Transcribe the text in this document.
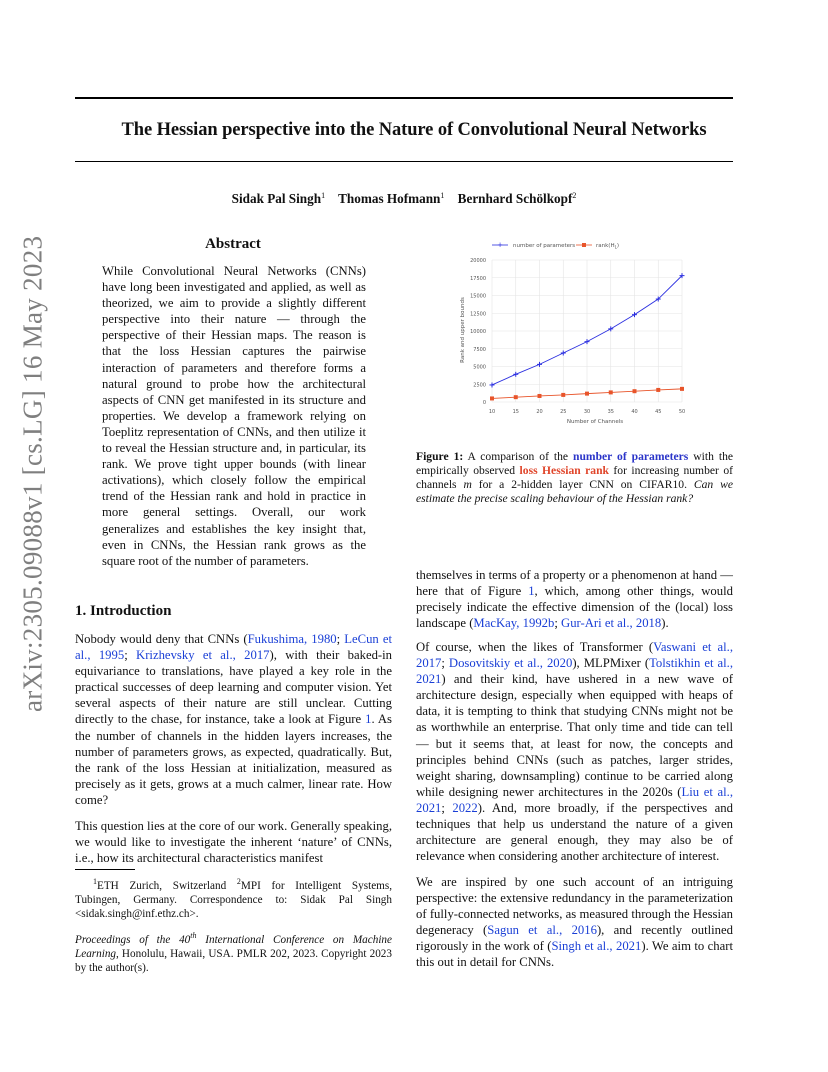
The Hessian perspective into the Nature of Convolutional Neural Networks
Sidak Pal Singh$^1$ Thomas Hofmann$^1$ Bernhard Schölkopf$^2$
arXiv:2305.09088v1 [cs.LG] 16 May 2023	Abstract

While Convolutional Neural Networks (CNNs) have long been investigated and applied, as well as theorized, we aim to provide a slightly different perspective into their nature — through the perspective of their Hessian maps. The reason is that the loss Hessian captures the pairwise interaction of parameters and therefore forms a natural ground to probe how the architectural aspects of CNN get manifested in its structure and properties. We develop a framework relying on Toeplitz representation of CNNs, and then utilize it to reveal the Hessian structure and, in particular, its rank. We prove tight upper bounds (with linear activations), which closely follow the empirical trend of the Hessian rank and hold in practice in more general settings. Overall, our work generalizes and establishes the key insight that, even in CNNs, the Hessian rank grows as the square root of the number of parameters.

1. Introduction

Nobody would deny that CNNs (Fukushima, 1980; LeCun et al., 1995; Krizhevsky et al., 2017), with their baked-in equivariance to translations, have played a key role in the practical successes of deep learning and computer vision. Yet several aspects of their nature are still unclear. Cutting directly to the chase, for instance, take a look at Figure 1. As the number of channels in the hidden layers increases, the number of parameters grows, as expected, quadratically. But, the rank of the loss Hessian at initialization, measured as precisely as it gets, grows at a much calmer, linear rate. How come?

This question lies at the core of our work. Generally speaking, we would like to investigate the inherent ‘nature’ of CNNs, i.e., how its architectural characteristics manifest

$^1$ETH Zurich, Switzerland $^2$MPI for Intelligent Systems, Tubingen, Germany. Correspondence to: Sidak Pal Singh <sidak.singh@inf.ethz.ch>.
Proceedings of the 40th International Conference on Machine Learning, Honolulu, Hawaii, USA. PMLR 202, 2023. Copyright 2023 by the author(s).
+ number of parameters	$rank(H_L)$
0
2500
5000
7500
10000
12500
15000
17500
20000
10	15	20	25	30	35	40	45	50
Number of Channels
Rank and upper bounds

Figure 1: A comparison of the number of parameters with the empirically observed loss Hessian rank for increasing number of channels m for a 2-hidden layer CNN on CIFAR10. Can we estimate the precise scaling behaviour of the Hessian rank?

themselves in terms of a property or a phenomenon at hand — here that of Figure 1, which, among other things, would precisely indicate the effective dimension of the (local) loss landscape (MacKay, 1992b; Gur-Ari et al., 2018).

Of course, when the likes of Transformer (Vaswani et al., 2017; Dosovitskiy et al., 2020), MLPMixer (Tolstikhin et al., 2021) and their kind, have ushered in a new wave of architecture design, especially when equipped with heaps of data, it is tempting to think that studying CNNs might not be as worthwhile an enterprise. That only time and tide can tell — but it seems that, at least for now, the concepts and principles behind CNNs (such as patches, larger strides, weight sharing, downsampling) continue to be carried along while designing newer architectures in the 2020s (Liu et al., 2021; 2022). And, more broadly, if the perspectives and techniques that help us understand the nature of a given architecture are general enough, they may also be of relevance when considering another architecture of interest.

We are inspired by one such account of an intriguing perspective: the extensive redundancy in the parameterization of fully-connected networks, as measured through the Hessian degeneracy (Sagun et al., 2016), and recently outlined rigorously in the work of (Singh et al., 2021). We aim to chart this out in detail for CNNs.
